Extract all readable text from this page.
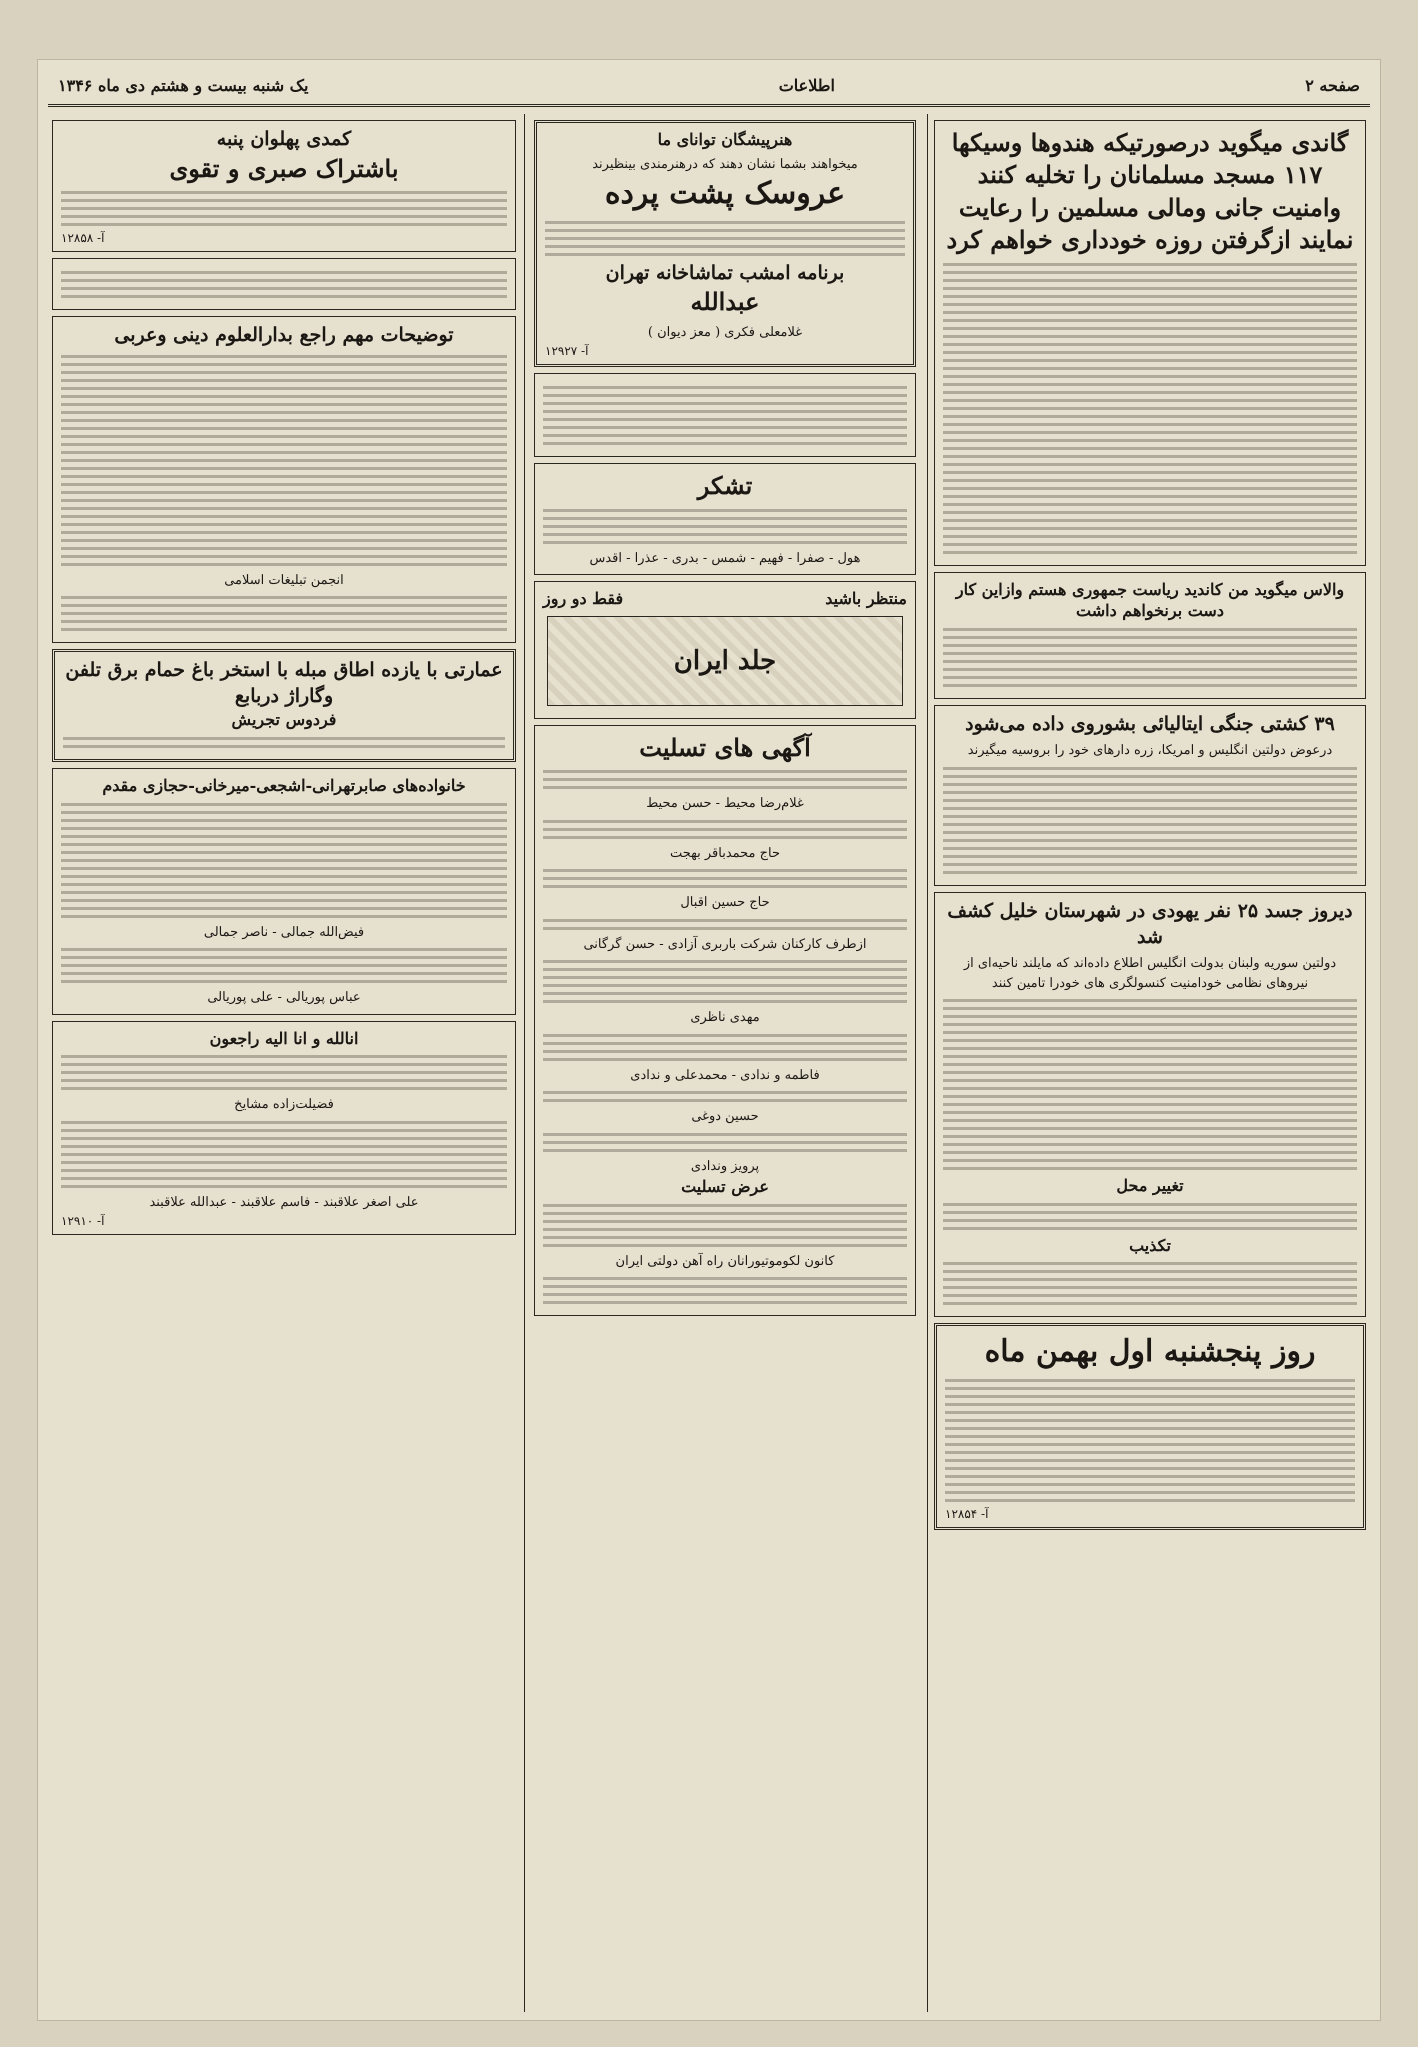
صفحه ۲
اطلاعات
یک شنبه بیست و هشتم دی ماه ۱۳۴۶
گاندی میگوید درصورتیکه هندوها وسیکها ۱۱۷ مسجد مسلمانان را تخلیه کنند وامنیت جانی ومالی مسلمین را رعایت نمایند ازگرفتن روزه خودداری خواهم کرد
والاس میگوید من کاندید ریاست جمهوری هستم وازاین کار دست برنخواهم داشت
۳۹ کشتی جنگی ایتالیائی بشوروی داده می‌شود
درعوض دولتین انگلیس و امریکا، زره دارهای خود را بروسیه میگیرند
دیروز جسد ۲۵ نفر یهودی در شهرستان خلیل کشف شد
دولتین سوریه ولبنان بدولت انگلیس اطلاع داده‌اند که مایلند ناحیه‌ای از نیروهای نظامی خودامنیت کنسولگری های خودرا تامین کنند
تغییر محل
تکذیب
روز پنجشنبه اول بهمن ماه
آ- ۱۲۸۵۴
هنرپیشگان توانای ما
میخواهند بشما نشان دهند که درهنرمندی بینظیرند
عروسک پشت پرده
برنامه امشب تماشاخانه تهران
عبدالله
غلامعلی فکری ( معز دیوان )
آ- ۱۲۹۲۷
تشکر
هول - صفرا - فهیم - شمس - بدری - عذرا - اقدس
منتظر باشید
فقط دو روز
جلد ایران
آگهی های تسلیت
غلام‌رضا محیط - حسن محیط
حاج محمدباقر بهجت
حاج حسین اقبال
ازطرف کارکنان شرکت باربری آزادی - حسن گرگانی
مهدی ناظری
فاطمه و ندادی - محمدعلی و ندادی
حسین دوغی
پرویز وندادی
عرض تسلیت
کانون لکوموتیورانان راه آهن دولتی ایران
کمدی پهلوان پنبه
باشتراک صبری و تقوی
آ- ۱۲۸۵۸
توضیحات مهم راجع بدارالعلوم دینی وعربی
انجمن تبلیغات اسلامی
عمارتی با یازده اطاق مبله با استخر باغ حمام برق تلفن وگاراژ دربابع
فردوس تجریش
خانواده‌های صابرتهرانی-اشجعی-میرخانی-حجازی مقدم
فیض‌الله جمالی - ناصر جمالی
عباس پوریالی - علی پوریالی
انالله و انا الیه راجعون
فضیلت‌زاده مشایخ
علی اصغر علاقبند - فاسم علاقبند - عبدالله علاقبند
آ- ۱۲۹۱۰
